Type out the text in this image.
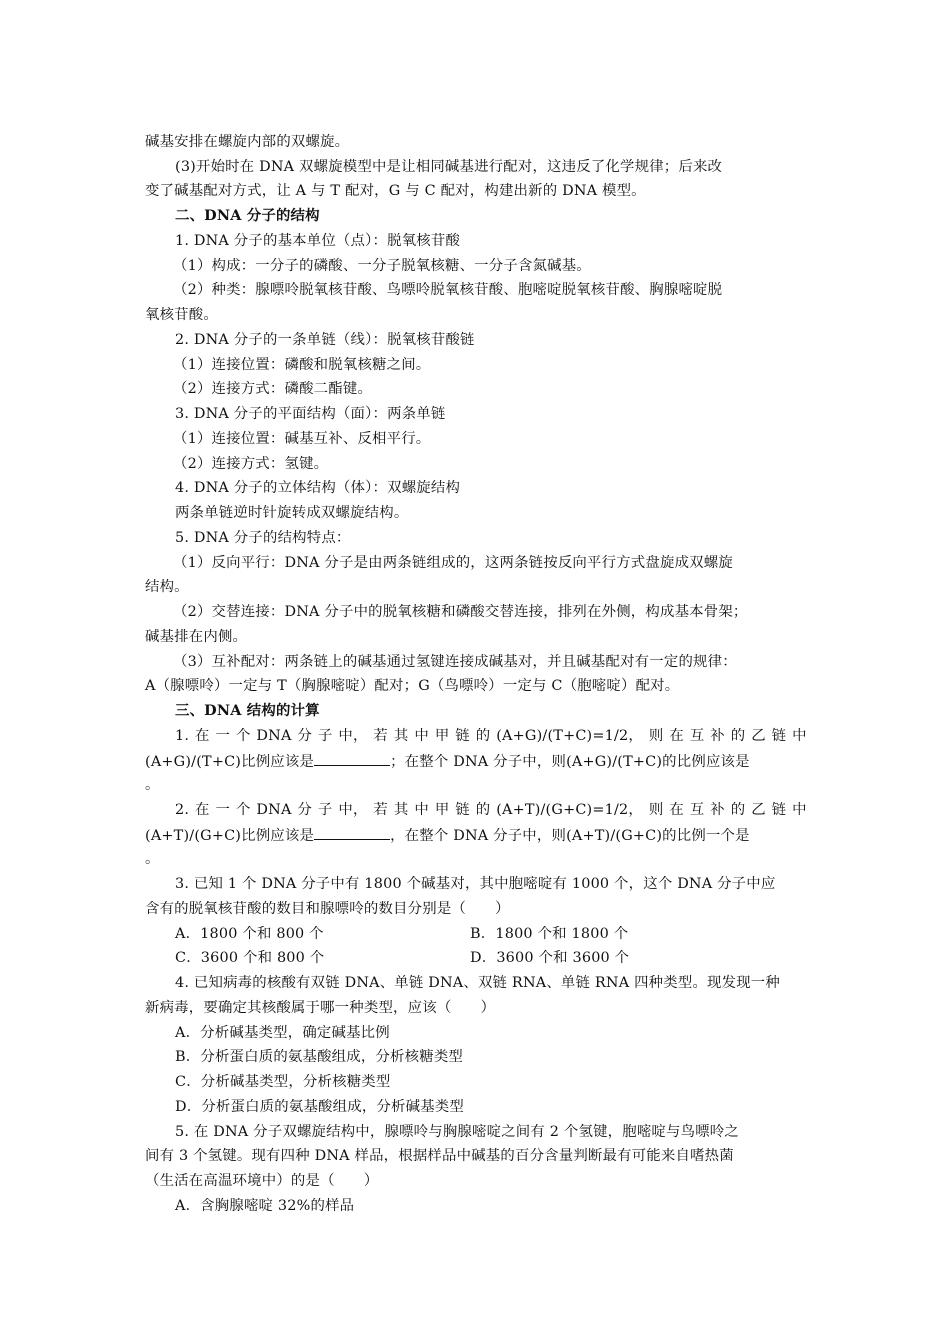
碱基安排在螺旋内部的双螺旋。
(3)开始时在 DNA 双螺旋模型中是让相同碱基进行配对，这违反了化学规律；后来改
变了碱基配对方式，让 A 与 T 配对，G 与 C 配对，构建出新的 DNA 模型。
二、DNA 分子的结构
1. DNA 分子的基本单位（点）：脱氧核苷酸
（1）构成：一分子的磷酸、一分子脱氧核糖、一分子含氮碱基。
（2）种类：腺嘌呤脱氧核苷酸、鸟嘌呤脱氧核苷酸、胞嘧啶脱氧核苷酸、胸腺嘧啶脱
氧核苷酸。
2. DNA 分子的一条单链（线）：脱氧核苷酸链
（1）连接位置：磷酸和脱氧核糖之间。
（2）连接方式：磷酸二酯键。
3. DNA 分子的平面结构（面）：两条单链
（1）连接位置：碱基互补、反相平行。
（2）连接方式：氢键。
4. DNA 分子的立体结构（体）：双螺旋结构
两条单链逆时针旋转成双螺旋结构。
5. DNA 分子的结构特点：
（1）反向平行：DNA 分子是由两条链组成的，这两条链按反向平行方式盘旋成双螺旋
结构。
（2）交替连接：DNA 分子中的脱氧核糖和磷酸交替连接，排列在外侧，构成基本骨架；
碱基排在内侧。
（3）互补配对：两条链上的碱基通过氢键连接成碱基对，并且碱基配对有一定的规律：
A（腺嘌呤）一定与 T（胸腺嘧啶）配对；G（鸟嘌呤）一定与 C（胞嘧啶）配对。
三、DNA 结构的计算
1. 在 一 个 DNA 分 子 中， 若 其 中 甲 链 的 (A+G)/(T+C)=1/2， 则 在 互 补 的 乙 链 中
(A+G)/(T+C)比例应该是	；在整个 DNA 分子中，则(A+G)/(T+C)的比例应该是
。
2. 在 一 个 DNA 分 子 中， 若 其 中 甲 链 的 (A+T)/(G+C)=1/2， 则 在 互 补 的 乙 链 中
(A+T)/(G+C)比例应该是	，在整个 DNA 分子中，则(A+T)/(G+C)的比例一个是
。
3. 已知 1 个 DNA 分子中有 1800 个碱基对，其中胞嘧啶有 1000 个，这个 DNA 分子中应
含有的脱氧核苷酸的数目和腺嘌呤的数目分别是（　　）
A．1800 个和 800 个	B．1800 个和 1800 个
C．3600 个和 800 个	D．3600 个和 3600 个
4. 已知病毒的核酸有双链 DNA、单链 DNA、双链 RNA、单链 RNA 四种类型。现发现一种
新病毒，要确定其核酸属于哪一种类型，应该（　　）
A．分析碱基类型，确定碱基比例
B．分析蛋白质的氨基酸组成，分析核糖类型
C．分析碱基类型，分析核糖类型
D．分析蛋白质的氨基酸组成，分析碱基类型
5. 在 DNA 分子双螺旋结构中，腺嘌呤与胸腺嘧啶之间有 2 个氢键，胞嘧啶与鸟嘌呤之
间有 3 个氢键。现有四种 DNA 样品，根据样品中碱基的百分含量判断最有可能来自嗜热菌
（生活在高温环境中）的是（　　）
A．含胸腺嘧啶 32%的样品
